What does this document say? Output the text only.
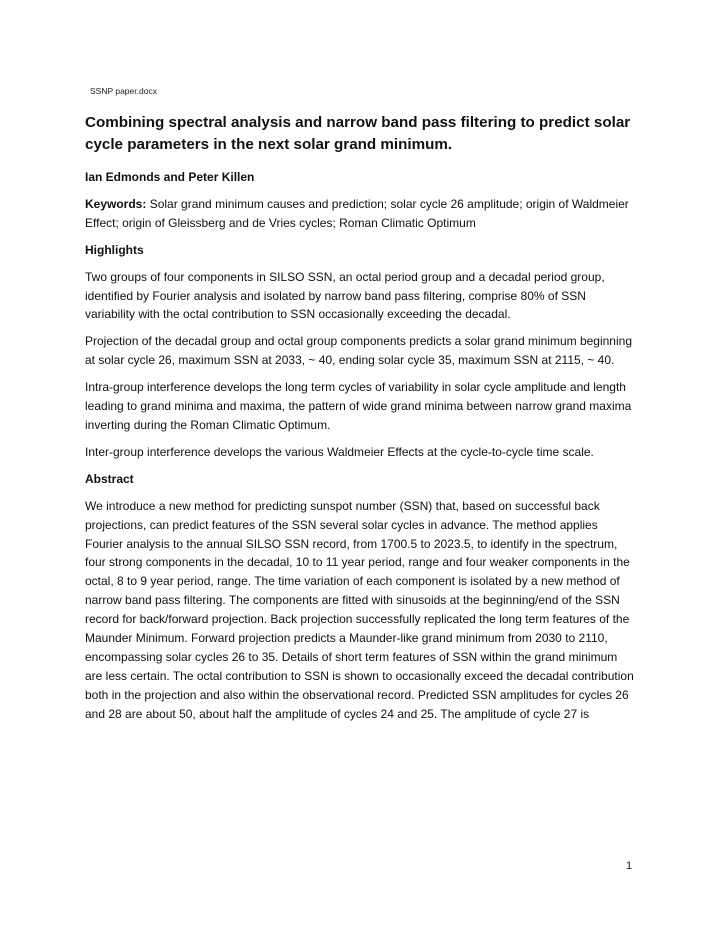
SSNP paper.docx
Combining spectral analysis and narrow band pass filtering to predict solar cycle parameters in the next solar grand minimum.
Ian Edmonds and Peter Killen

Keywords: Solar grand minimum causes and prediction; solar cycle 26 amplitude; origin of Waldmeier Effect; origin of Gleissberg and de Vries cycles; Roman Climatic Optimum

Highlights

Two groups of four components in SILSO SSN, an octal period group and a decadal period group, identified by Fourier analysis and isolated by narrow band pass filtering, comprise 80% of SSN variability with the octal contribution to SSN occasionally exceeding the decadal.

Projection of the decadal group and octal group components predicts a solar grand minimum beginning at solar cycle 26, maximum SSN at 2033, ~ 40, ending solar cycle 35, maximum SSN at 2115, ~ 40.

Intra-group interference develops the long term cycles of variability in solar cycle amplitude and length leading to grand minima and maxima, the pattern of wide grand minima between narrow grand maxima inverting during the Roman Climatic Optimum.

Inter-group interference develops the various Waldmeier Effects at the cycle-to-cycle time scale.

Abstract

We introduce a new method for predicting sunspot number (SSN) that, based on successful back projections, can predict features of the SSN several solar cycles in advance. The method applies Fourier analysis to the annual SILSO SSN record, from 1700.5 to 2023.5, to identify in the spectrum, four strong components in the decadal, 10 to 11 year period, range and four weaker components in the octal, 8 to 9 year period, range. The time variation of each component is isolated by a new method of narrow band pass filtering. The components are fitted with sinusoids at the beginning/end of the SSN record for back/forward projection. Back projection successfully replicated the long term features of the Maunder Minimum. Forward projection predicts a Maunder-like grand minimum from 2030 to 2110, encompassing solar cycles 26 to 35. Details of short term features of SSN within the grand minimum are less certain. The octal contribution to SSN is shown to occasionally exceed the decadal contribution both in the projection and also within the observational record. Predicted SSN amplitudes for cycles 26 and 28 are about 50, about half the amplitude of cycles 24 and 25. The amplitude of cycle 27 is

1
